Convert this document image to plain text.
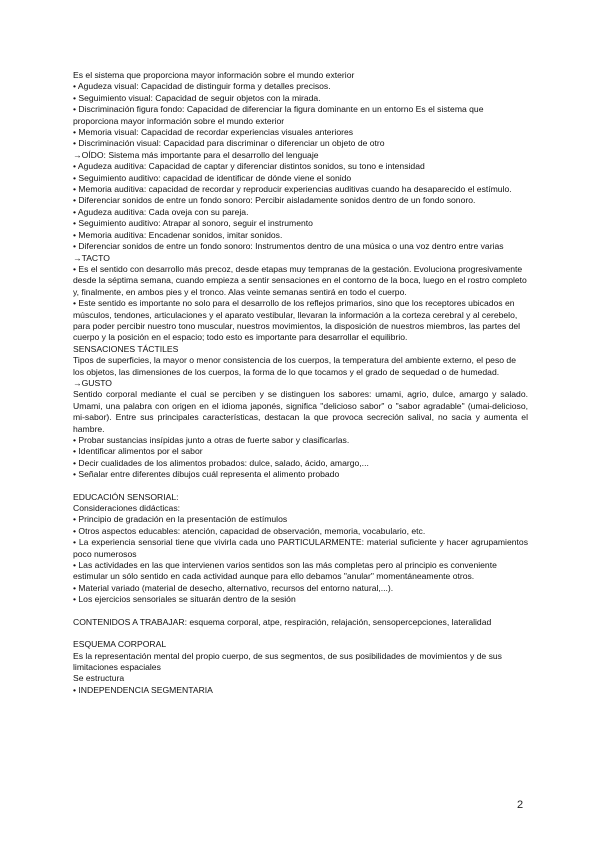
Es el sistema que proporciona mayor información sobre el mundo exterior

• Agudeza visual: Capacidad de distinguir forma y detalles precisos.

• Seguimiento visual: Capacidad de seguir objetos con la mirada.

• Discriminación figura fondo: Capacidad de diferenciar la figura dominante en un entorno Es el sistema que proporciona mayor información sobre el mundo exterior

• Memoria visual: Capacidad de recordar experiencias visuales anteriores

• Discriminación visual: Capacidad para discriminar o diferenciar un objeto de otro

→OÍDO: Sistema más importante para el desarrollo del lenguaje

• Agudeza auditiva: Capacidad de captar y diferenciar distintos sonidos, su tono e intensidad

• Seguimiento auditivo: capacidad de identificar de dónde viene el sonido

• Memoria auditiva: capacidad de recordar y reproducir experiencias auditivas cuando ha desaparecido el estímulo.

• Diferenciar sonidos de entre un fondo sonoro: Percibir aisladamente sonidos dentro de un fondo sonoro.

• Agudeza auditiva: Cada oveja con su pareja.

• Seguimiento auditivo: Atrapar al sonoro, seguir el instrumento

• Memoria auditiva: Encadenar sonidos, imitar sonidos.

• Diferenciar sonidos de entre un fondo sonoro: Instrumentos dentro de una música o una voz dentro entre varias

→TACTO

• Es el sentido con desarrollo más precoz, desde etapas muy tempranas de la gestación. Evoluciona progresivamente desde la séptima semana, cuando empieza a sentir sensaciones en el contorno de la boca, luego en el rostro completo y, finalmente, en ambos pies y el tronco. Alas veinte semanas sentirá en todo el cuerpo.

• Este sentido es importante no solo para el desarrollo de los reflejos primarios, sino que los receptores ubicados en músculos, tendones, articulaciones y el aparato vestibular, llevaran la información a la corteza cerebral y al cerebelo, para poder percibir nuestro tono muscular, nuestros movimientos, la disposición de nuestros miembros, las partes del cuerpo y la posición en el espacio; todo esto es importante para desarrollar el equilibrio.

SENSACIONES TÁCTILES

Tipos de superficies, la mayor o menor consistencia de los cuerpos, la temperatura del ambiente externo, el peso de los objetos, las dimensiones de los cuerpos, la forma de lo que tocamos y el grado de sequedad o de humedad.

→GUSTO

Sentido corporal mediante el cual se perciben y se distinguen los sabores: umami, agrio, dulce, amargo y salado. Umami, una palabra con origen en el idioma japonés, significa "delicioso sabor" o "sabor agradable" (umai-delicioso, mi-sabor). Entre sus principales características, destacan la que provoca secreción salival, no sacia y aumenta el hambre.

• Probar sustancias insípidas junto a otras de fuerte sabor y clasificarlas.

• Identificar alimentos por el sabor

• Decir cualidades de los alimentos probados: dulce, salado, ácido, amargo,...

• Señalar entre diferentes dibujos cuál representa el alimento probado

EDUCACIÓN SENSORIAL:

Consideraciones didácticas:

• Principio de gradación en la presentación de estímulos

• Otros aspectos educables: atención, capacidad de observación, memoria, vocabulario, etc.

• La experiencia sensorial tiene que vivirla cada uno PARTICULARMENTE: material suficiente y hacer agrupamientos poco numerosos

• Las actividades en las que intervienen varios sentidos son las más completas pero al principio es conveniente estimular un sólo sentido en cada actividad aunque para ello debamos "anular" momentáneamente otros.

• Material variado (material de desecho, alternativo, recursos del entorno natural,...).

• Los ejercicios sensoriales se situarán dentro de la sesión

CONTENIDOS A TRABAJAR: esquema corporal, atpe, respiración, relajación, sensopercepciones, lateralidad

ESQUEMA CORPORAL

Es la representación mental del propio cuerpo, de sus segmentos, de sus posibilidades de movimientos y de sus limitaciones espaciales

Se estructura

• INDEPENDENCIA SEGMENTARIA

2
